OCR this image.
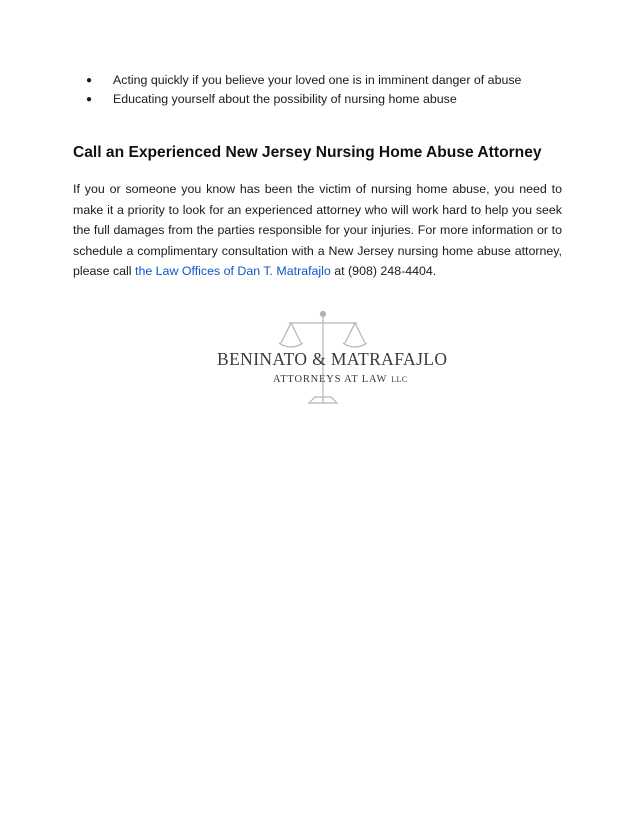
● Acting quickly if you believe your loved one is in imminent danger of abuse
● Educating yourself about the possibility of nursing home abuse
Call an Experienced New Jersey Nursing Home Abuse Attorney

If you or someone you know has been the victim of nursing home abuse, you need to make it a priority to look for an experienced attorney who will work hard to help you seek the full damages from the parties responsible for your injuries. For more information or to schedule a complimentary consultation with a New Jersey nursing home abuse attorney, please call the Law Offices of Dan T. Matrafajlo at (908) 248-4404.

BENINATO & MATRAFAJLO
ATTORNEYS AT LAW LLC
